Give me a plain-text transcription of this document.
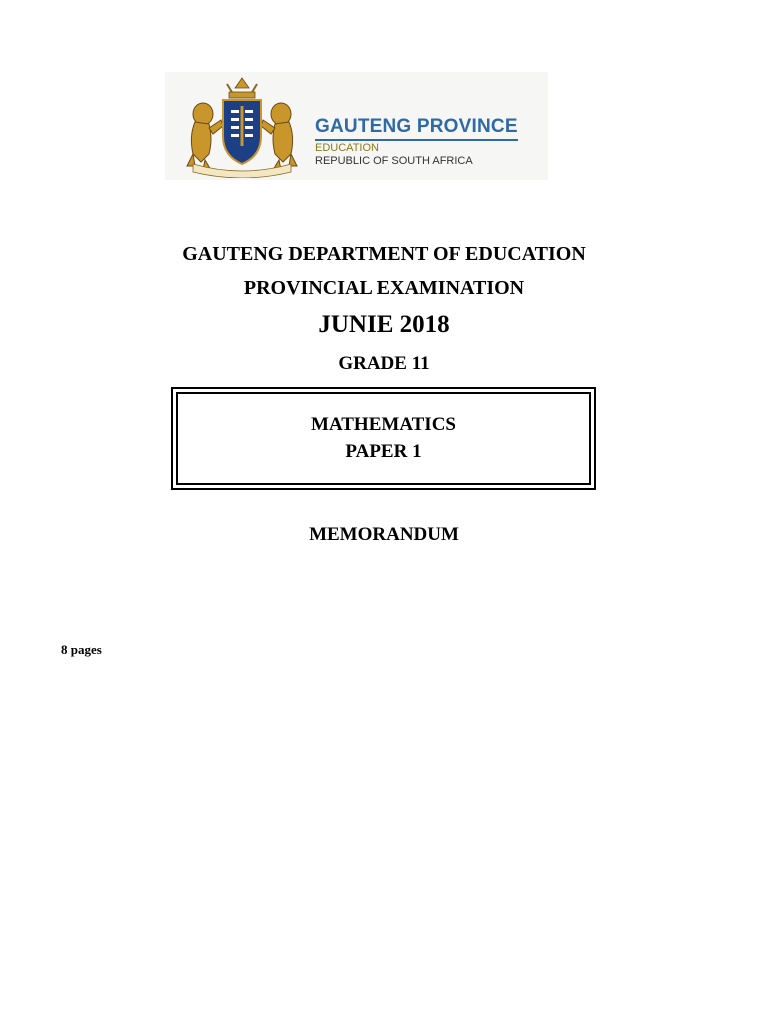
GAUTENG PROVINCE
EDUCATION
REPUBLIC OF SOUTH AFRICA
GAUTENG DEPARTMENT OF EDUCATION
PROVINCIAL EXAMINATION
JUNIE 2018
GRADE 11
MATHEMATICS
PAPER 1
MEMORANDUM
8 pages
